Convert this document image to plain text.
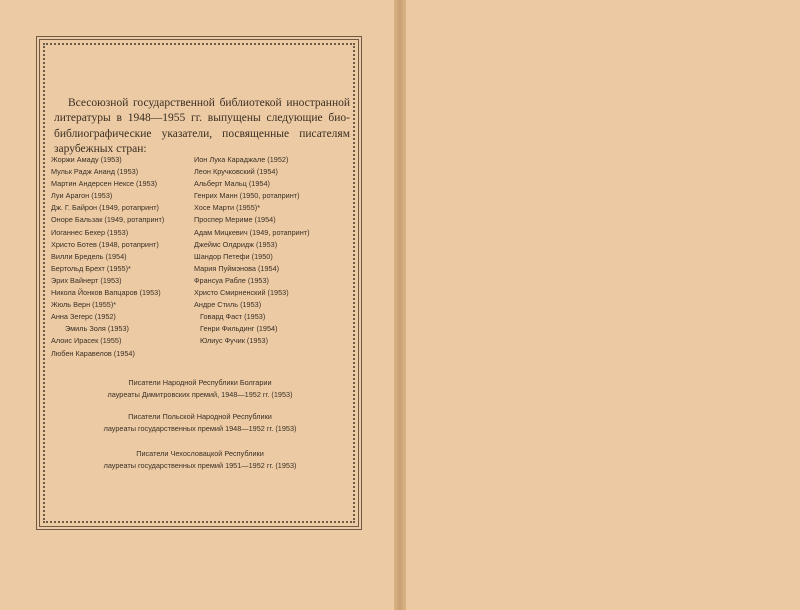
Всесоюзной государственной библиотекой иностранной литературы в 1948—1955 гг. выпущены следующие био-библиографические указатели, посвященные писателям зарубежных стран:

Жоржи Амаду (1953)
Мульк Радж Ананд (1953)
Мартин Андерсен Нексе (1953)
Луи Арагон (1953)
Дж. Г. Байрон (1949, ротапринт)
Оноре Бальзак (1949, ротапринт)
Иоганнес Бехер (1953)
Христо Ботев (1948, ротапринт)
Вилли Бредель (1954)
Бертольд Брехт (1955)*
Эрих Вайнерт (1953)
Никола Йонков Вапцаров (1953)
Жюль Верн (1955)*
Анна Зегерс (1952)
Эмиль Золя (1953)
Алоис Ирасек (1955)
Любен Каравелов (1954)
Ион Лука Караджале (1952)
Леон Кручковский (1954)
Альберт Мальц (1954)
Генрих Манн (1950, ротапринт)
Хосе Марти (1955)*
Проспер Мериме (1954)
Адам Мицкевич (1949, ротапринт)
Джеймс Олдридж (1953)
Шандор Петефи (1950)
Мария Пуймэнова (1954)
Франсуа Рабле (1953)
Христо Смирненский (1953)
Андре Стиль (1953)
Говард Фаст (1953)
Генри Фильдинг (1954)
Юлиус Фучик (1953)
Писатели Народной Республики Болгарии
лауреаты Димитровских премий, 1948—1952 гг. (1953)
Писатели Польской Народной Республики
лауреаты государственных премий 1948—1952 гг. (1953)
Писатели Чехословацкой Республики
лауреаты государственных премий 1951—1952 гг. (1953)
